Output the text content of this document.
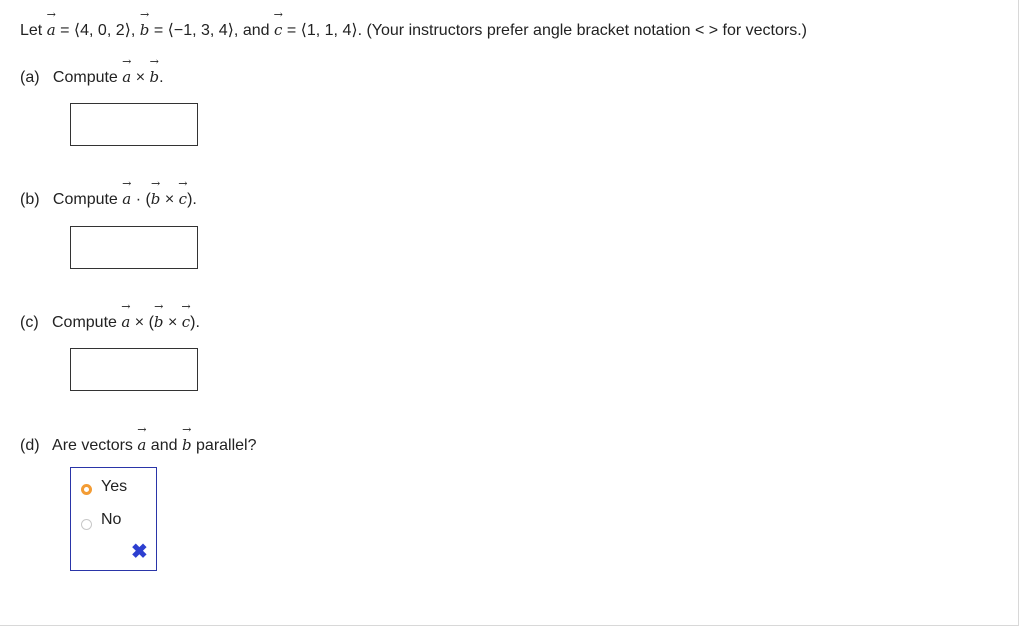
Let → a = ⟨4, 0, 2⟩, → b = ⟨−1, 3, 4⟩, and → c = ⟨1, 1, 4⟩. (Your instructors prefer angle bracket notation < > for vectors.)
(a) Compute → a × → b.
(b) Compute → a · (→ b × → c).
(c) Compute → a × (→ b × → c).
(d) Are vectors → a and → b parallel?
Yes
No
✖
